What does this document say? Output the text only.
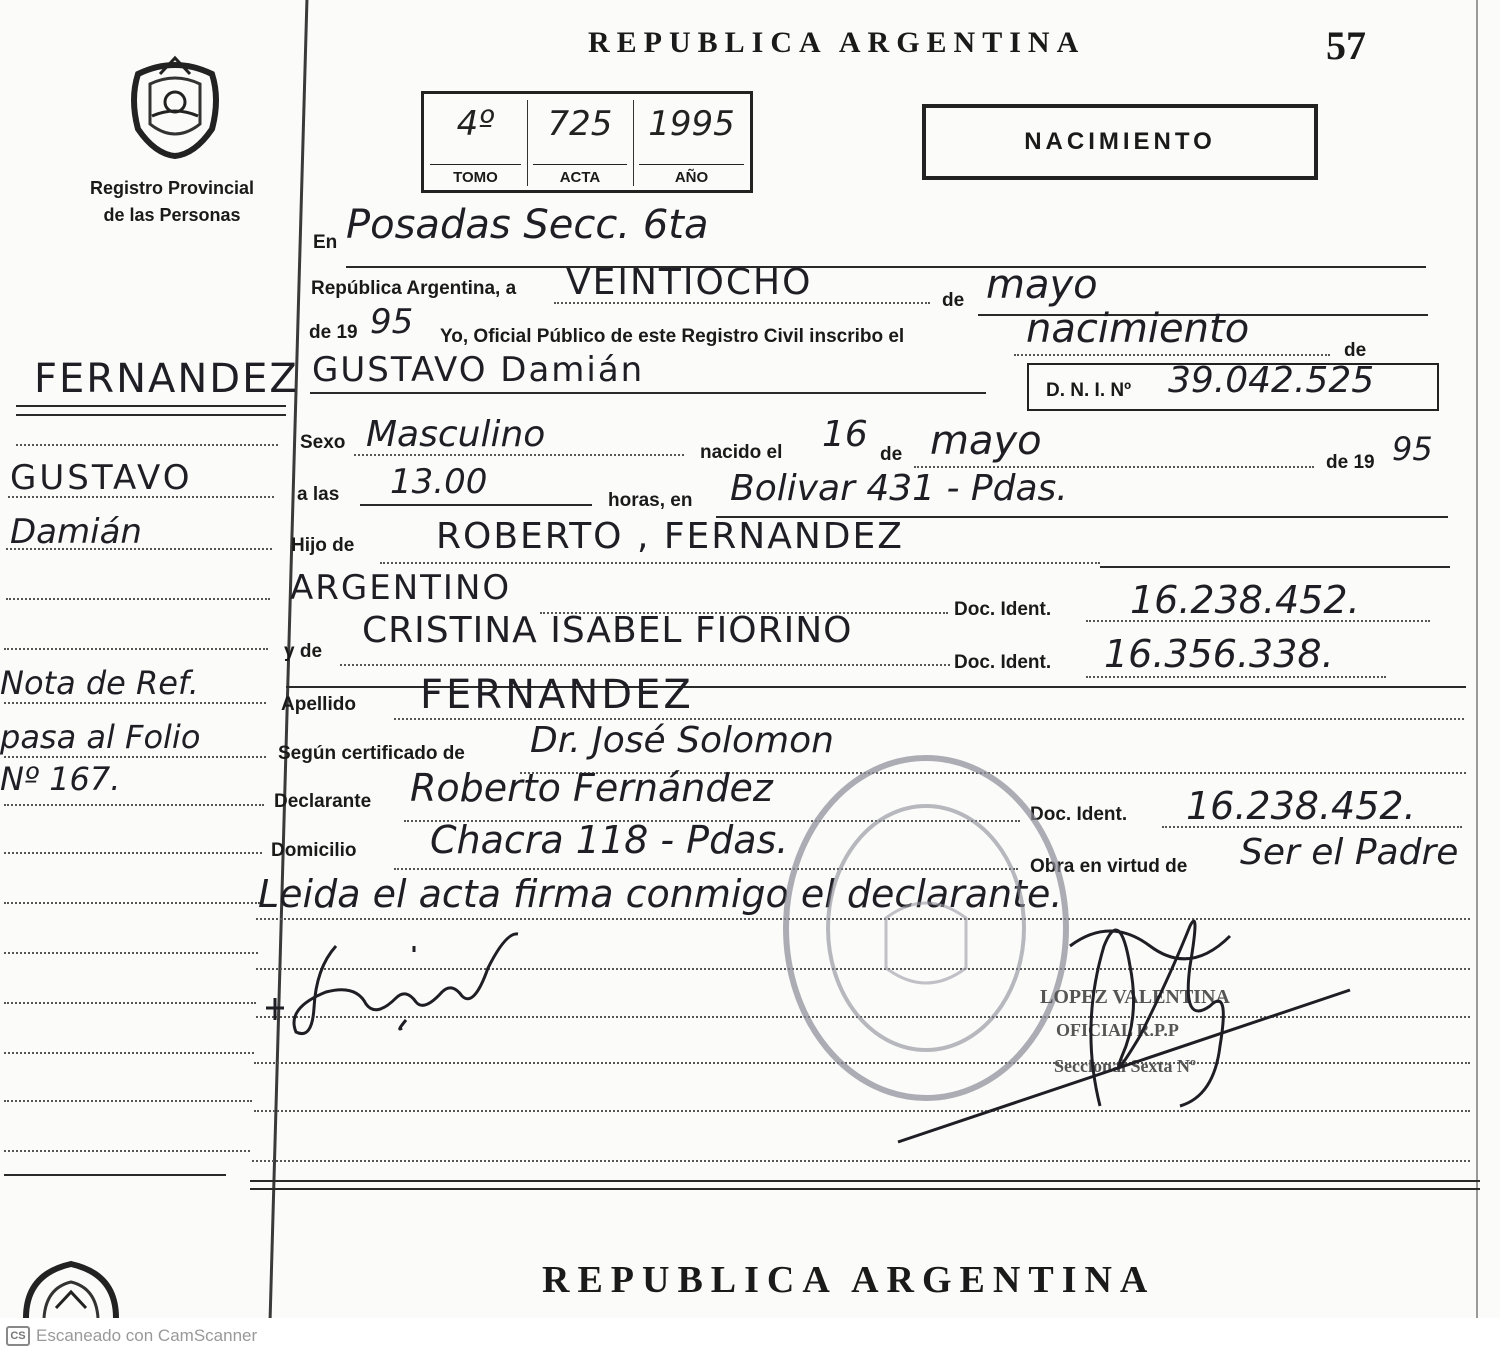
Registro Provincial
de las Personas
REPUBLICA ARGENTINA	57
REPUBLICA ARGENTINA
4º
TOMO
725
ACTA
1995
AÑO
NACIMIENTO
FERNANDEZ
GUSTAVO
Damián
Nota de Ref.
pasa al Folio
Nº 167.
En Posadas Secc. 6ta
República Argentina, a VEINTIOCHO	de mayo
de 19 95 Yo, Oficial Público de este Registro Civil inscribo el	nacimiento	de
GUSTAVO Damián
D. N. I. Nº 39.042.525
Sexo Masculino	nacido el 16 de mayo	de 19 95
a las 13.00	horas, en Bolivar 431 - Pdas.
Hijo de ROBERTO , FERNANDEZ
ARGENTINO
Doc. Ident. 16.238.452.
y de
CRISTINA ISABEL FIORINO
Doc. Ident. 16.356.338.
Apellido FERNANDEZ
Según certificado de Dr. José Solomon
Declarante Roberto Fernández
Doc. Ident. 16.238.452.
Domicilio Chacra 118 - Pdas.
Obra en virtud de Ser el Padre
Leida el acta firma conmigo el declarante.
LOPEZ VALENTINA
OFICIAL R.P.P
Seccional Sexta Nº
CS Escaneado con CamScanner
